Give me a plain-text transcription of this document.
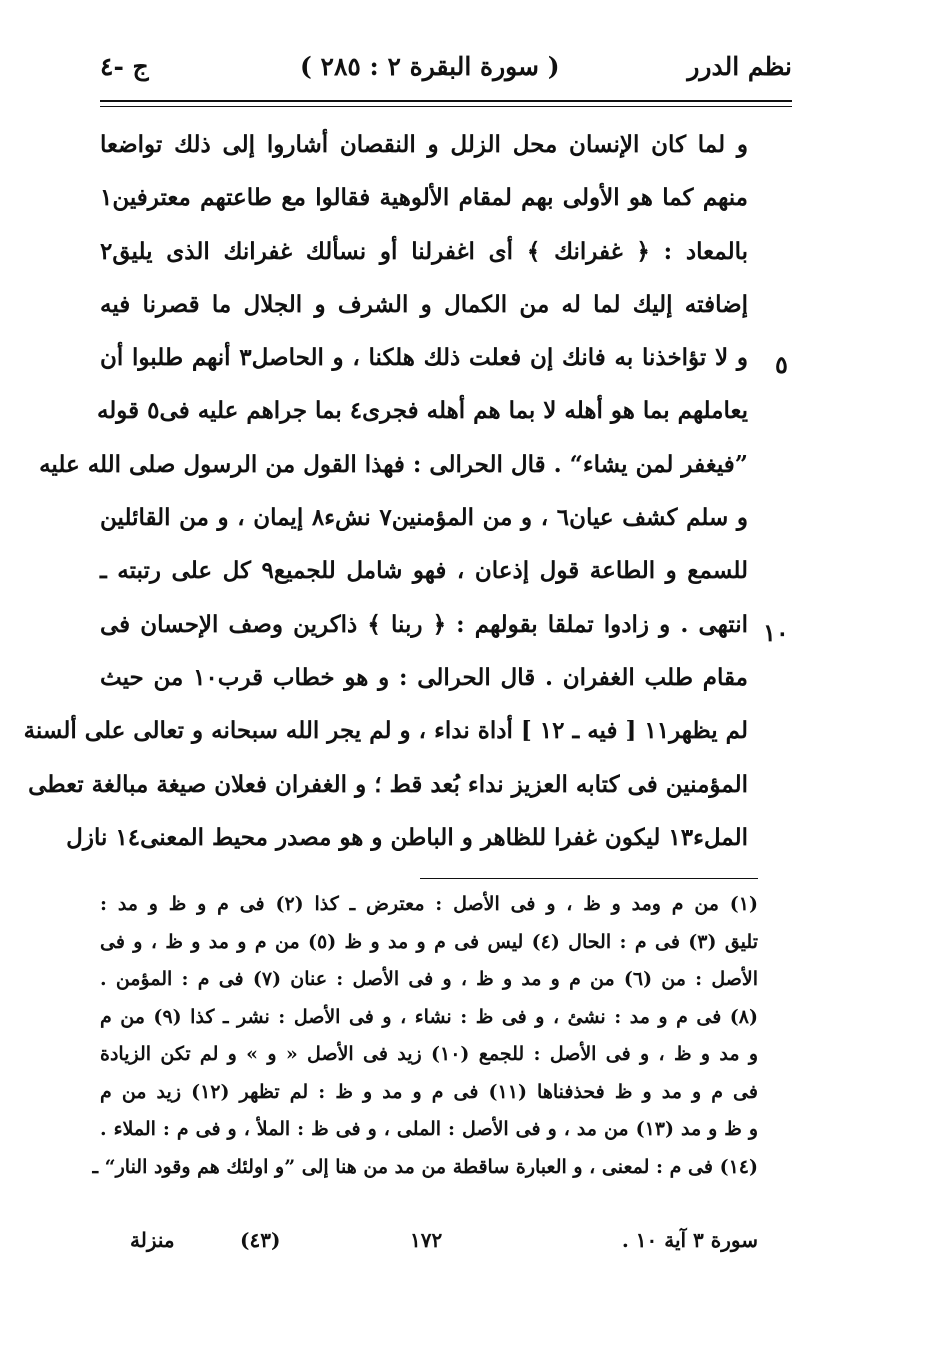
نظم الدرر
( سورة البقرة ٢ : ٢٨٥ )
ج -٤
و لما كان الإنسان محل الزلل و النقصان أشاروا إلى ذلك تواضعا
منهم كما هو الأولى بهم لمقام الألوهية فقالوا مع طاعتهم معترفين١
بالمعاد : ﴿ غفرانك ﴾ أى اغفرلنا أو نسألك غفرانك الذى يليق٢
إضافته إليك لما له من الكمال و الشرف و الجلال ما قصرنا فيه
و لا تؤاخذنا به فانك إن فعلت ذلك هلكنا ، و الحاصل٣ أنهم طلبوا أن
يعاملهم بما هو أهله لا بما هم أهله فجرى٤ بما جراهم عليه فى٥ قوله
”فيغفر لمن يشاء“ . قال الحرالى : فهذا القول من الرسول صلى الله عليه
و سلم كشف عيان٦ ، و من المؤمنين٧ نشء٨ إيمان ، و من القائلين
للسمع و الطاعة قول إذعان ، فهو شامل للجميع٩ كل على رتبته ـ
انتهى . و زادوا تملقا بقولهم : ﴿ ربنا ﴾ ذاكرين وصف الإحسان فى
مقام طلب الغفران . قال الحرالى : و هو خطاب قرب١٠ من حيث
لم يظهر١١ [ فيه ـ ١٢ ] أداة نداء ، و لم يجر الله سبحانه و تعالى على ألسنة
المؤمنين فى كتابه العزيز نداء بُعد قط ؛ و الغفران فعلان صيغة مبالغة تعطى
الملء١٣ ليكون غفرا للظاهر و الباطن و هو مصدر محيط المعنى١٤ نازل
٥
١٠
(١) من م ومد و ظ ، و فى الأصل : معترض ـ كذا (٢) فى م و ظ و مد :
تليق (٣) فى م : الحال (٤) ليس فى م و مد و ظ (٥) من م و مد و ظ ، و فى
الأصل : من (٦) من م و مد و ظ ، و فى الأصل : عنان (٧) فى م : المؤمن .
(٨) فى م و مد : نشئ ، و فى ظ : نشاء ، و فى الأصل : نشر ـ كذا (٩) من م
و مد و ظ ، و فى الأصل : للجمع (١٠) زيد فى الأصل « و » و لم تكن الزيادة
فى م و مد و ظ فحذفناها (١١) فى م و مد و ظ : لم تظهر (١٢) زيد من م
و ظ و مد (١٣) من مد ، و فى الأصل : الملى ، و فى ظ : الملأ ، و فى م : الملاء .
(١٤) فى م : لمعنى ، و العبارة ساقطة من مد من هنا إلى ”و اولئك هم وقود النار“ ـ
سورة ٣ آية ١٠ .
١٧٢
(٤٣)
منزلة
